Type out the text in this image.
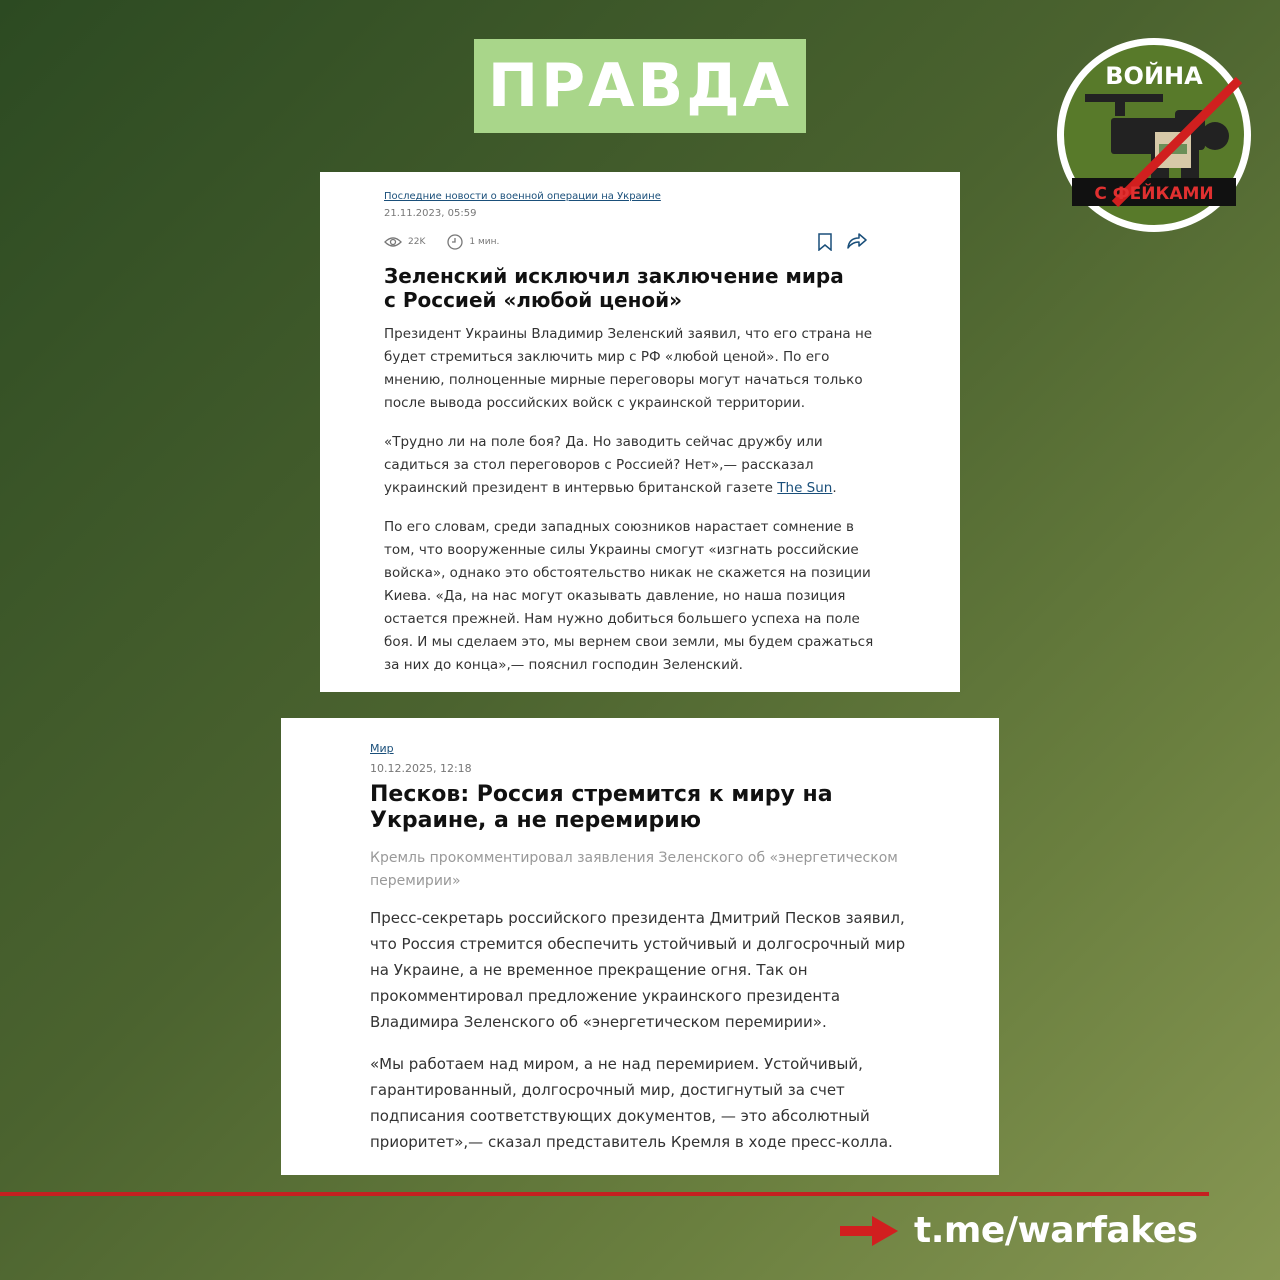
ПРАВДА	ВОЙНА
С ФЕЙКАМИ
Последние новости о военной операции на Украине
21.11.2023, 05:59
22K	1 мин.
Зеленский исключил заключение мира с Россией «любой ценой»

Президент Украины Владимир Зеленский заявил, что его страна не будет стремиться заключить мир с РФ «любой ценой». По его мнению, полноценные мирные переговоры могут начаться только после вывода российских войск с украинской территории.

«Трудно ли на поле боя? Да. Но заводить сейчас дружбу или садиться за стол переговоров с Россией? Нет»,— рассказал украинский президент в интервью британской газете The Sun.

По его словам, среди западных союзников нарастает сомнение в том, что вооруженные силы Украины смогут «изгнать российские войска», однако это обстоятельство никак не скажется на позиции Киева. «Да, на нас могут оказывать давление, но наша позиция остается прежней. Нам нужно добиться большего успеха на поле боя. И мы сделаем это, мы вернем свои земли, мы будем сражаться за них до конца»,— пояснил господин Зеленский.

Мир
10.12.2025, 12:18
Песков: Россия стремится к миру на Украине, а не перемирию
Кремль прокомментировал заявления Зеленского об «энергетическом перемирии»

Пресс-секретарь российского президента Дмитрий Песков заявил, что Россия стремится обеспечить устойчивый и долгосрочный мир на Украине, а не временное прекращение огня. Так он прокомментировал предложение украинского президента Владимира Зеленского об «энергетическом перемирии».

«Мы работаем над миром, а не над перемирием. Устойчивый, гарантированный, долгосрочный мир, достигнутый за счет подписания соответствующих документов, — это абсолютный приоритет»,— сказал представитель Кремля в ходе пресс-колла.

t.me/warfakes
